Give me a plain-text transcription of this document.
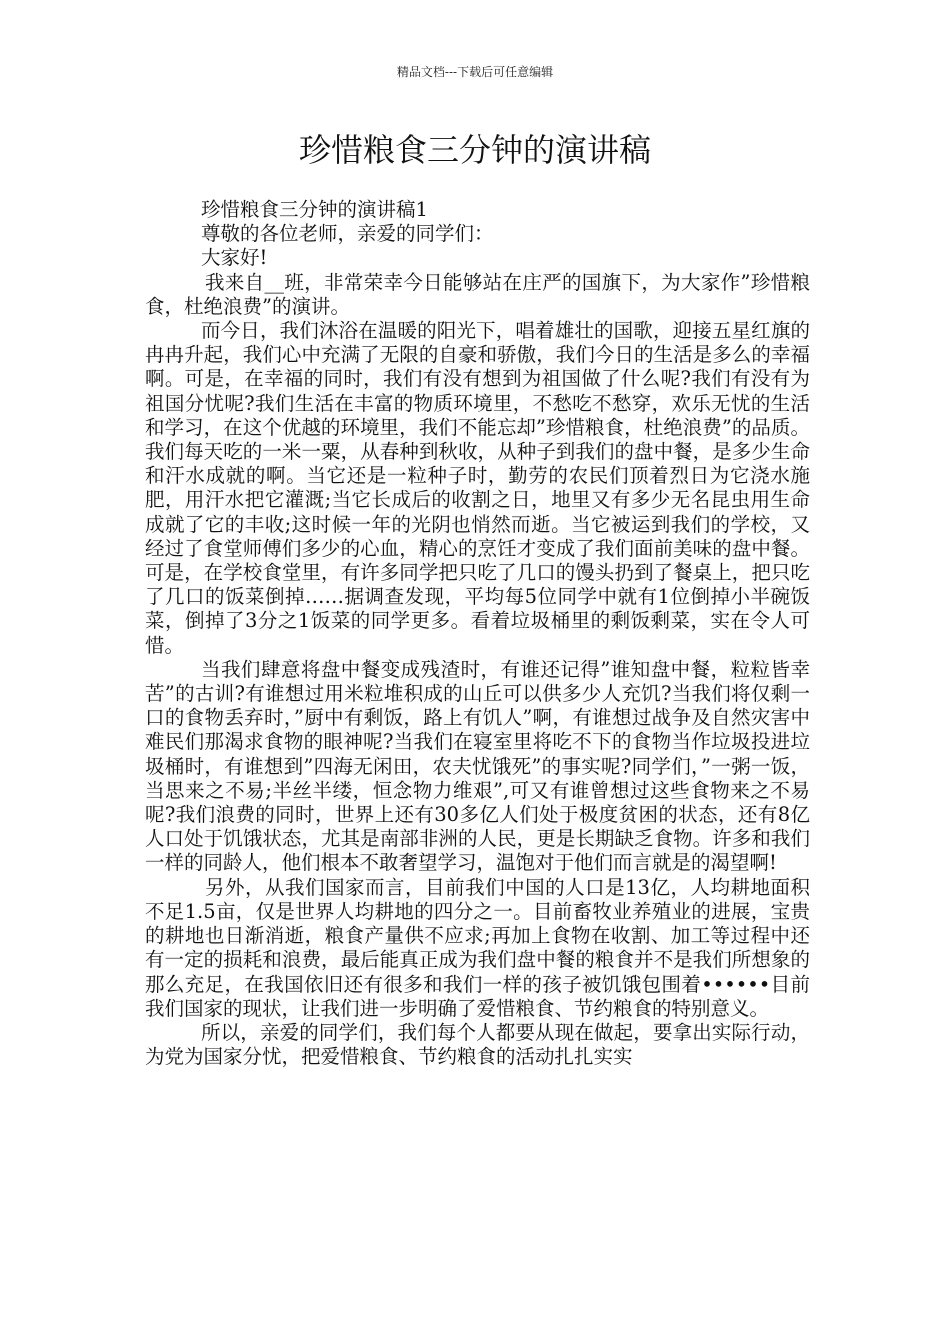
精品文档---下载后可任意编辑
珍惜粮食三分钟的演讲稿

珍惜粮食三分钟的演讲稿1

尊敬的各位老师，亲爱的同学们：

大家好!

我来自__班，非常荣幸今日能够站在庄严的国旗下，为大家作”珍惜粮食，杜绝浪费”的演讲。

而今日，我们沐浴在温暖的阳光下，唱着雄壮的国歌，迎接五星红旗的冉冉升起，我们心中充满了无限的自豪和骄傲，我们今日的生活是多么的幸福啊。可是，在幸福的同时，我们有没有想到为祖国做了什么呢?我们有没有为祖国分忧呢?我们生活在丰富的物质环境里，不愁吃不愁穿，欢乐无忧的生活和学习，在这个优越的环境里，我们不能忘却”珍惜粮食，杜绝浪费”的品质。我们每天吃的一米一粟，从春种到秋收，从种子到我们的盘中餐，是多少生命和汗水成就的啊。当它还是一粒种子时，勤劳的农民们顶着烈日为它浇水施肥，用汗水把它灌溉;当它长成后的收割之日，地里又有多少无名昆虫用生命成就了它的丰收;这时候一年的光阴也悄然而逝。当它被运到我们的学校，又经过了食堂师傅们多少的心血，精心的烹饪才变成了我们面前美味的盘中餐。可是，在学校食堂里，有许多同学把只吃了几口的馒头扔到了餐桌上，把只吃了几口的饭菜倒掉……据调查发现，平均每5位同学中就有1位倒掉小半碗饭菜，倒掉了3分之1饭菜的同学更多。看着垃圾桶里的剩饭剩菜，实在令人可惜。

当我们肆意将盘中餐变成残渣时，有谁还记得”谁知盘中餐，粒粒皆幸苦”的古训?有谁想过用米粒堆积成的山丘可以供多少人充饥?当我们将仅剩一口的食物丢弃时，”厨中有剩饭，路上有饥人”啊，有谁想过战争及自然灾害中难民们那渴求食物的眼神呢?当我们在寝室里将吃不下的食物当作垃圾投进垃圾桶时，有谁想到”四海无闲田，农夫忧饿死”的事实呢?同学们，”一粥一饭，当思来之不易;半丝半缕，恒念物力维艰”,可又有谁曾想过这些食物来之不易呢?我们浪费的同时，世界上还有30多亿人们处于极度贫困的状态，还有8亿人口处于饥饿状态，尤其是南部非洲的人民，更是长期缺乏食物。许多和我们一样的同龄人，他们根本不敢奢望学习，温饱对于他们而言就是的渴望啊!

另外，从我们国家而言，目前我们中国的人口是13亿，人均耕地面积不足1.5亩，仅是世界人均耕地的四分之一。目前畜牧业养殖业的进展，宝贵的耕地也日渐消逝，粮食产量供不应求;再加上食物在收割、加工等过程中还有一定的损耗和浪费，最后能真正成为我们盘中餐的粮食并不是我们所想象的那么充足，在我国依旧还有很多和我们一样的孩子被饥饿包围着••••••目前我们国家的现状，让我们进一步明确了爱惜粮食、节约粮食的特别意义。

所以，亲爱的同学们，我们每个人都要从现在做起，要拿出实际行动，为党为国家分忧，把爱惜粮食、节约粮食的活动扎扎实实
